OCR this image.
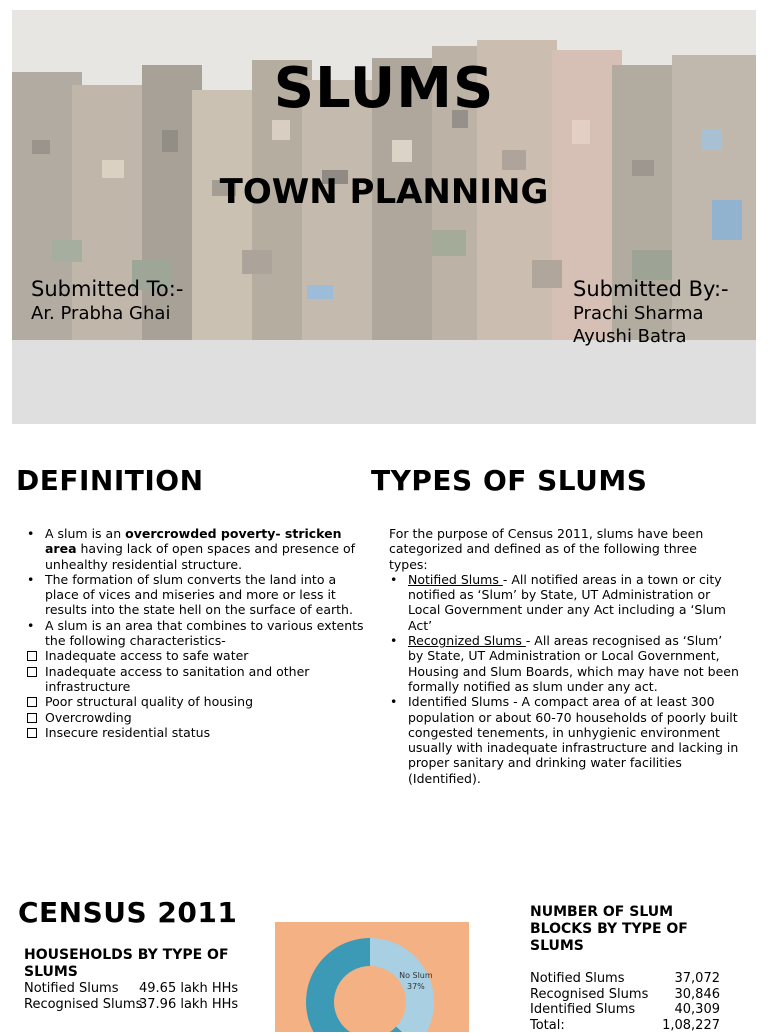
SLUMS
TOWN PLANNING
Submitted To:-
Ar. Prabha Ghai
Submitted By:-
Prachi Sharma
Ayushi Batra
DEFINITION	TYPES OF SLUMS
• A slum is an overcrowded poverty- stricken area having lack of open spaces and presence of unhealthy residential structure.
• The formation of slum converts the land into a place of vices and miseries and more or less it results into the state hell on the surface of earth.
• A slum is an area that combines to various extents the following characteristics-
Inadequate access to safe water
Inadequate access to sanitation and other infrastructure
Poor structural quality of housing
Overcrowding
Insecure residential status
For the purpose of Census 2011, slums have been categorized and defined as of the following three types:
• Notified Slums - All notified areas in a town or city notified as ‘Slum’ by State, UT Administration or Local Government under any Act including a ‘Slum Act’
• Recognized Slums - All areas recognised as ‘Slum’ by State, UT Administration or Local Government, Housing and Slum Boards, which may have not been formally notified as slum under any act.
• Identified Slums - A compact area of at least 300 population or about 60-70 households of poorly built congested tenements, in unhygienic environment usually with inadequate infrastructure and lacking in proper sanitary and drinking water facilities (Identified).
CENSUS 2011
HOUSEHOLDS BY TYPE OF SLUMS
Notified Slums 49.65 lakh HHs
Recognised Slums37.96 lakh HHs
No Slum
37%
NUMBER OF SLUM BLOCKS BY TYPE OF SLUMS
Notified Slums	37,072
Recognised Slums 30,846
Identified Slums	40,309
Total:	1,08,227
